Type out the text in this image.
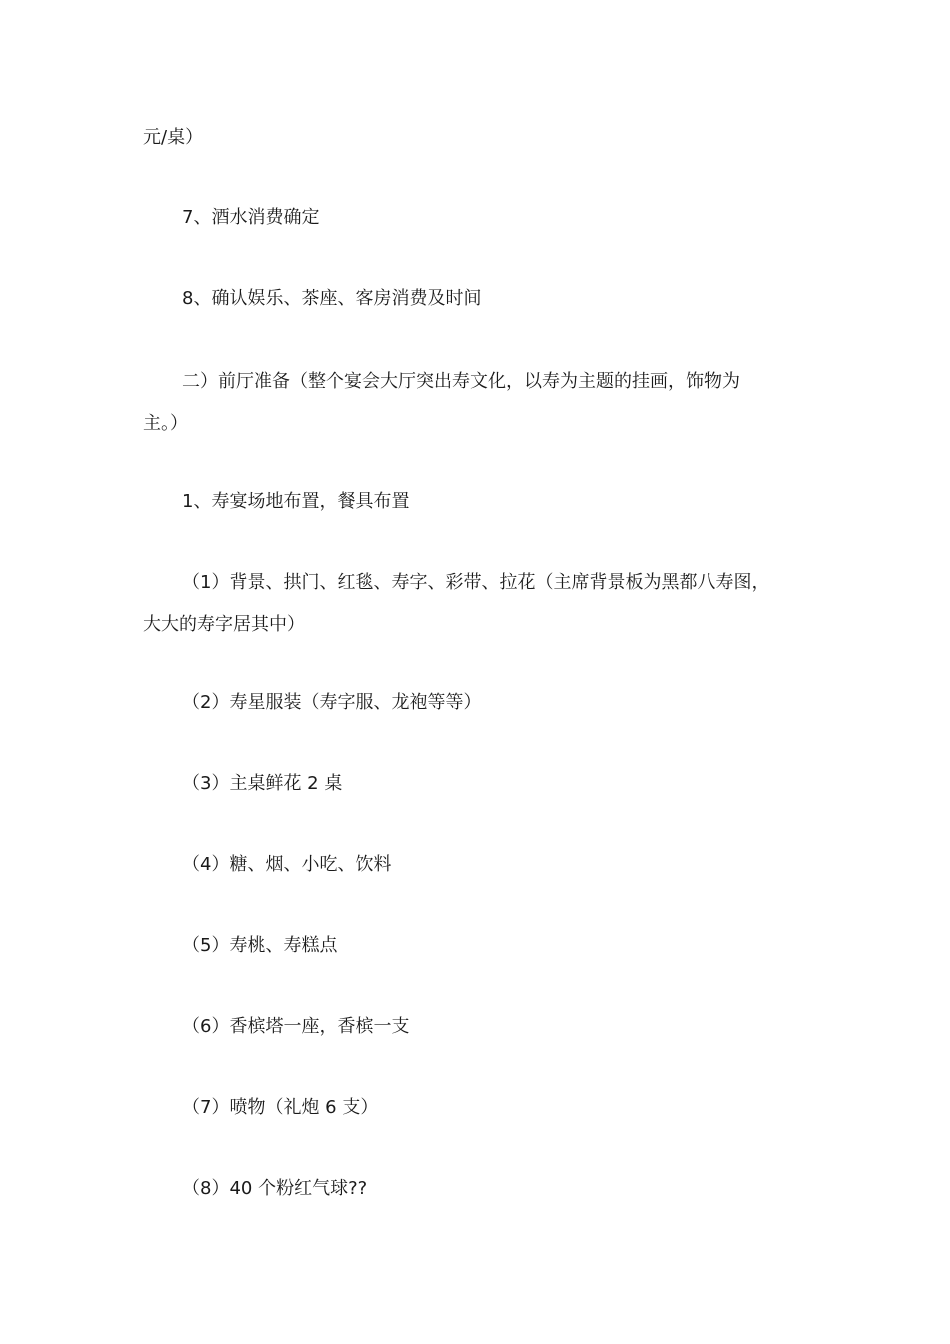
元/桌）

7、酒水消费确定

8、确认娱乐、茶座、客房消费及时间

二）前厅准备（整个宴会大厅突出寿文化，以寿为主题的挂画，饰物为

主。）

1、寿宴场地布置，餐具布置

（1）背景、拱门、红毯、寿字、彩带、拉花（主席背景板为黑都八寿图，

大大的寿字居其中）

（2）寿星服装（寿字服、龙袍等等）

（3）主桌鲜花 2 桌

（4）糖、烟、小吃、饮料

（5）寿桃、寿糕点

（6）香槟塔一座，香槟一支

（7）喷物（礼炮 6 支）

（8）40 个粉红气球??
